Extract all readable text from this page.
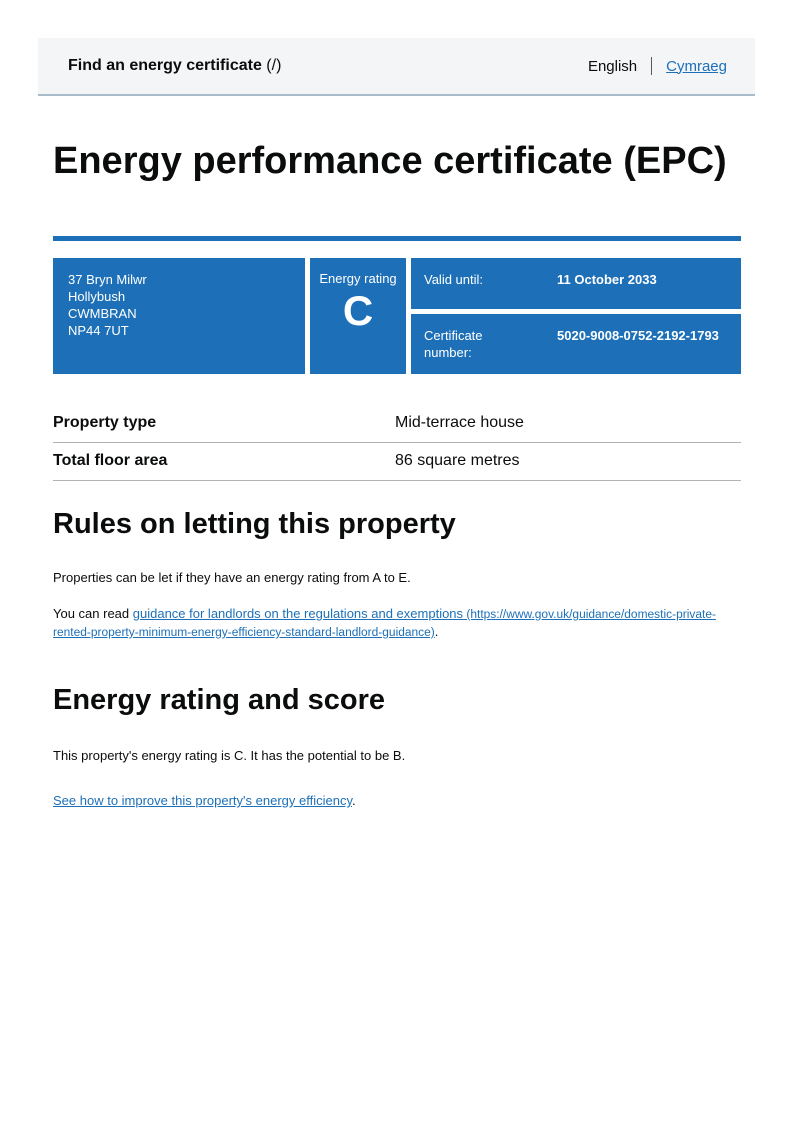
Find an energy certificate (/)	English Cymraeg
Energy performance certificate (EPC)
37 Bryn Milwr
Hollybush
CWMBRAN
NP44 7UT
Energy rating
C
Valid until:	11 October 2033
Certificate number:
5020-9008-0752-2192-1793
Property type	Mid-terrace house
Total floor area	86 square metres
Rules on letting this property

Properties can be let if they have an energy rating from A to E.

You can read guidance for landlords on the regulations and exemptions (https://www.gov.uk/guidance/domestic-private-rented-property-minimum-energy-efficiency-standard-landlord-guidance).

Energy rating and score

This property's energy rating is C. It has the potential to be B.

See how to improve this property's energy efficiency.
